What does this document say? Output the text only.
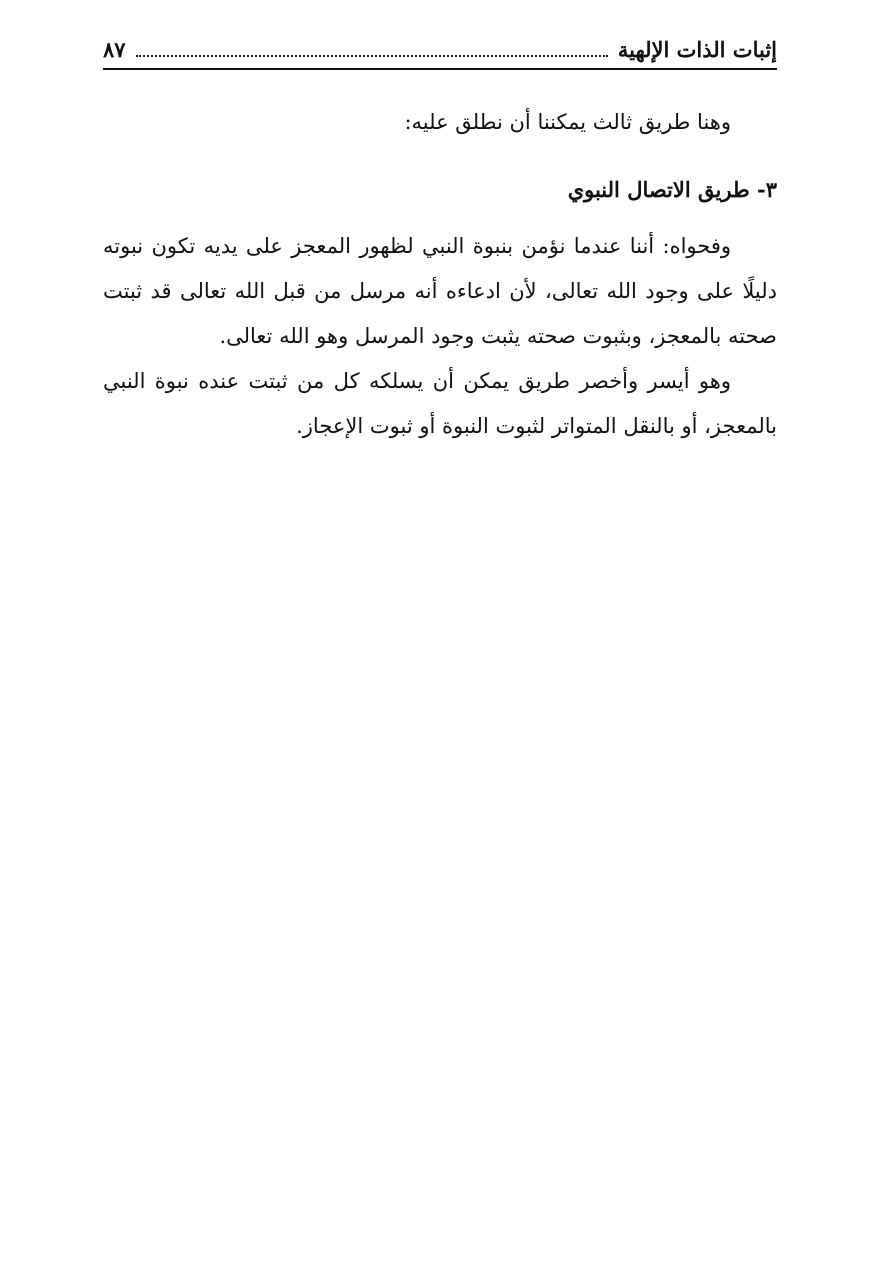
إثبات الذات الإلهية
٨٧

وهنا طريق ثالث يمكننا أن نطلق عليه:

٣- طريق الاتصال النبوي

وفحواه: أننا عندما نؤمن بنبوة النبي لظهور المعجز على يديه تكون نبوته دليلًا على وجود الله تعالى، لأن ادعاءه أنه مرسل من قبل الله تعالى قد ثبتت صحته بالمعجز، وبثبوت صحته يثبت وجود المرسل وهو الله تعالى.

وهو أيسر وأخصر طريق يمكن أن يسلكه كل من ثبتت عنده نبوة النبي بالمعجز، أو بالنقل المتواتر لثبوت النبوة أو ثبوت الإعجاز.
